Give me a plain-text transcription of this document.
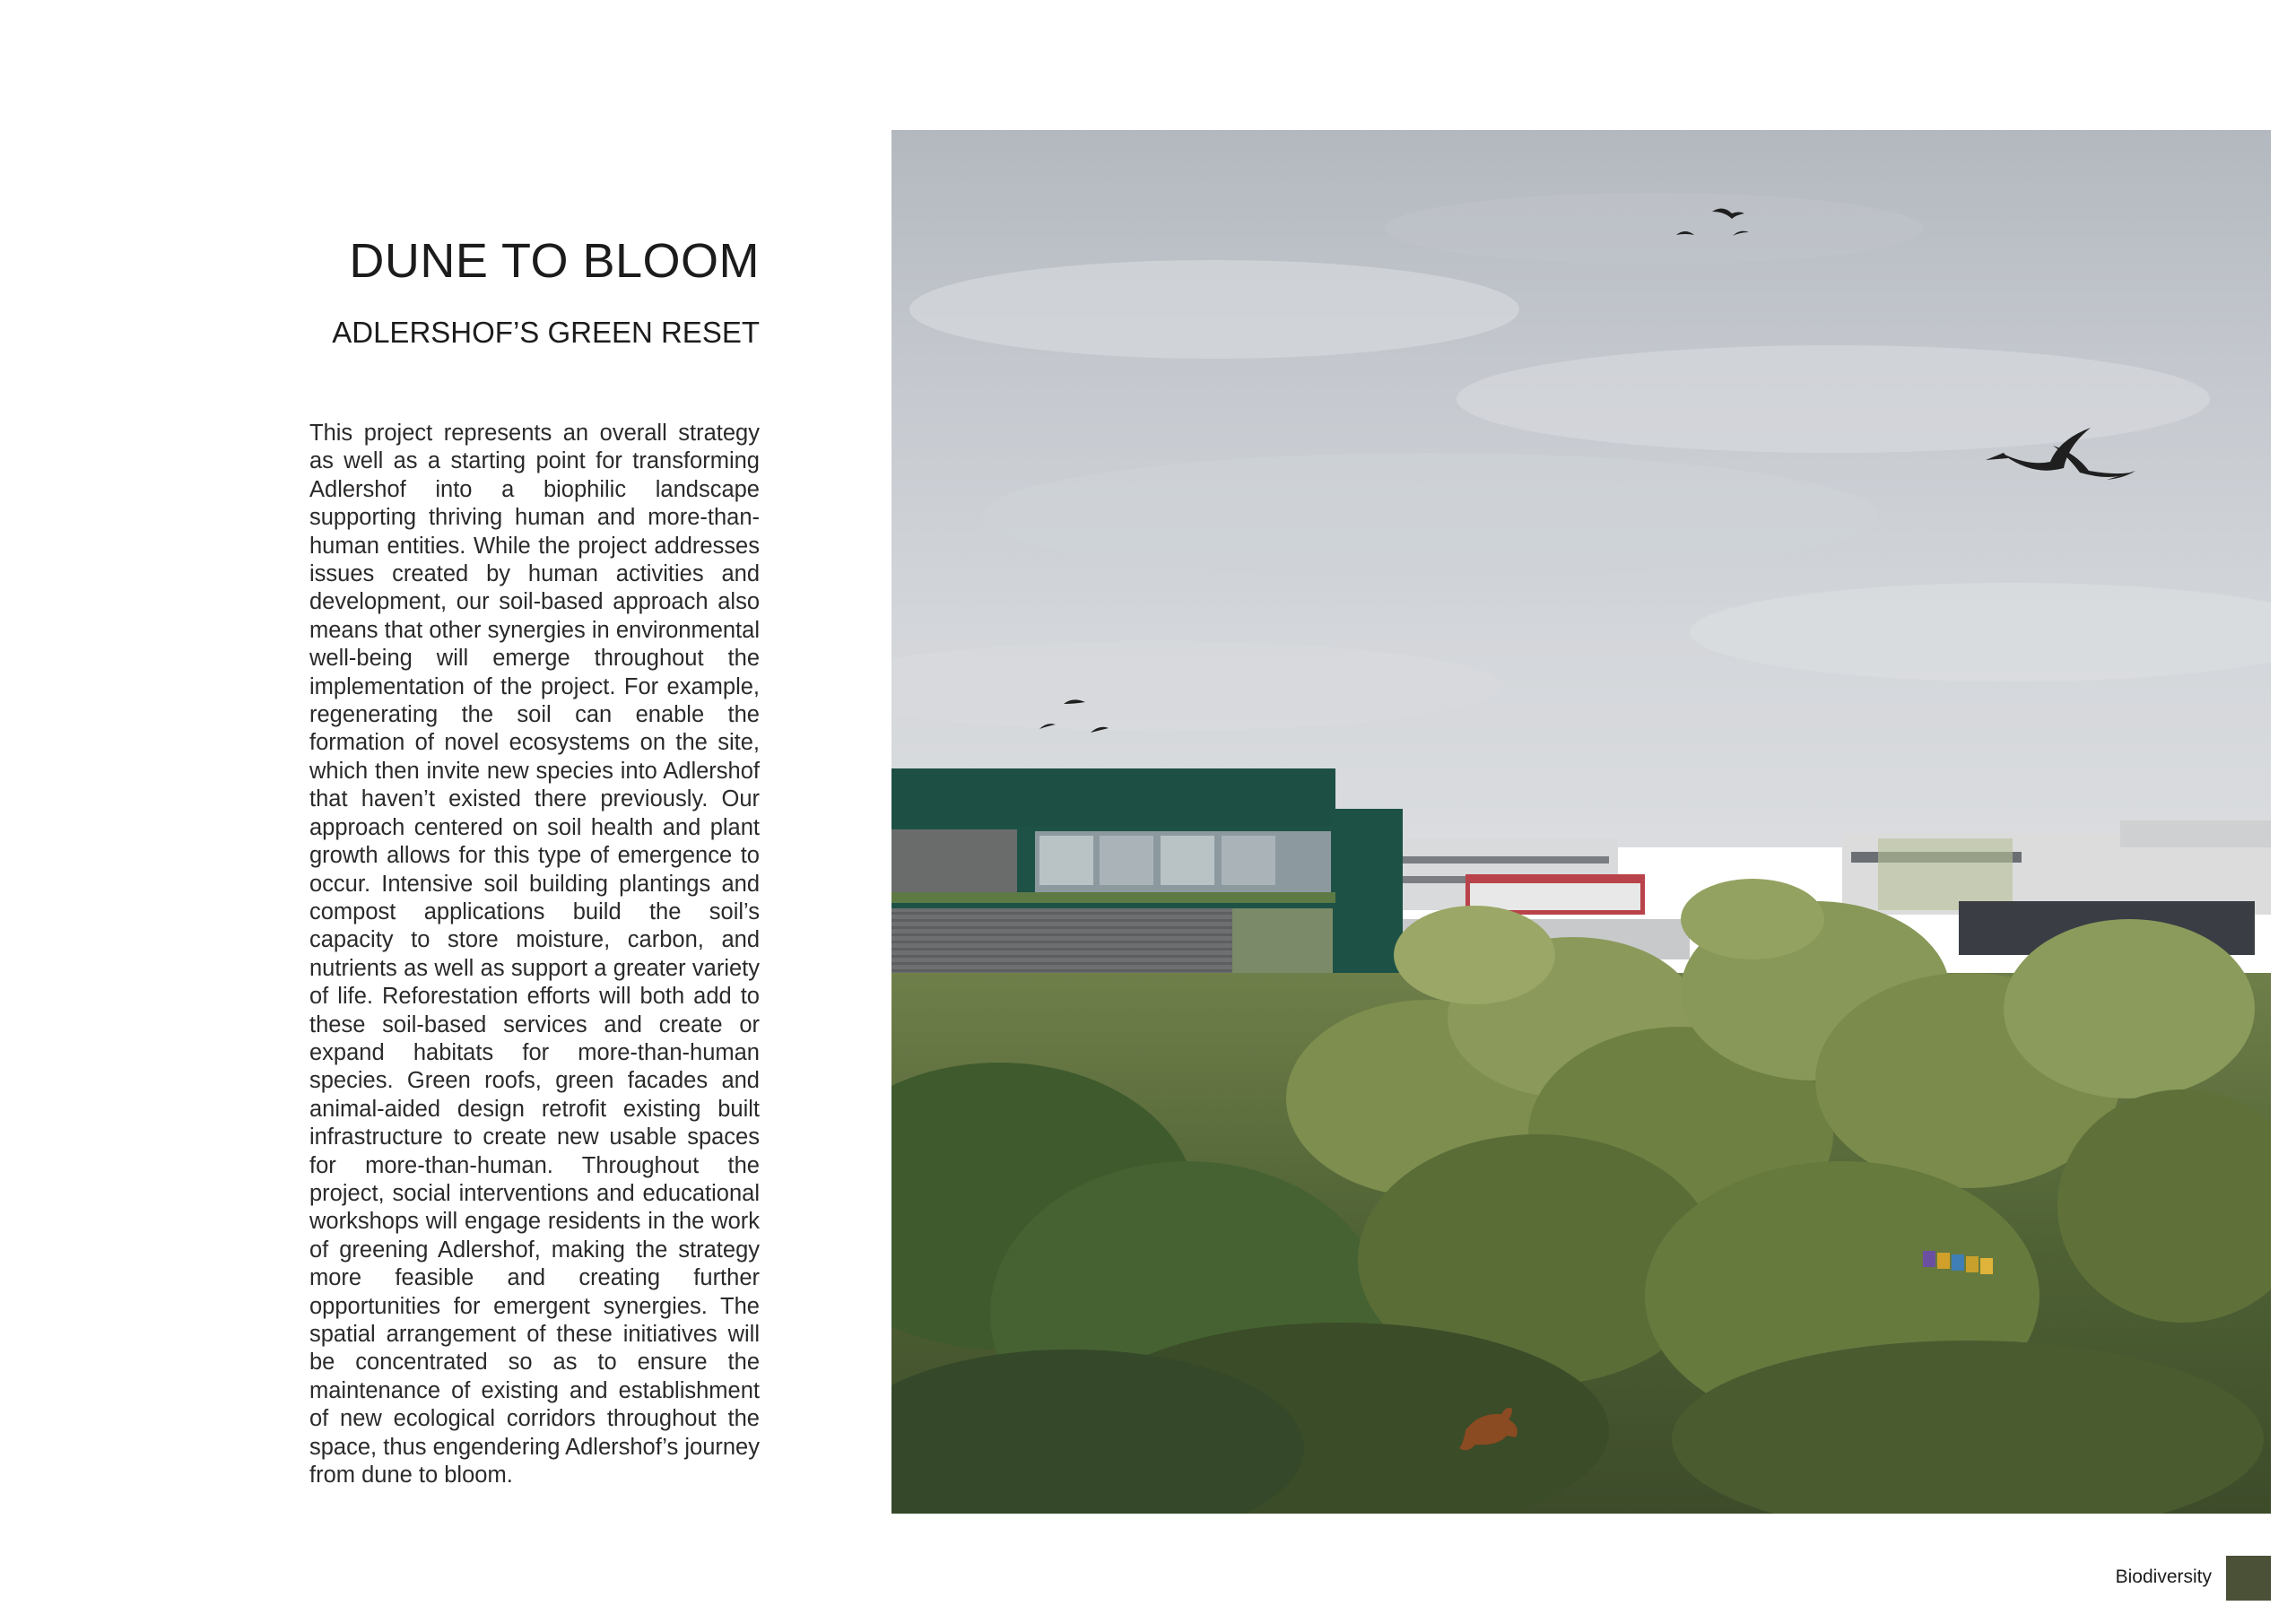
DUNE TO BLOOM
ADLERSHOF’S GREEN RESET

This project represents an overall strategy as well as a starting point for transforming Adlershof into a biophilic landscape supporting thriving human and more-than-human entities. While the project addresses issues created by human activities and development, our soil-based approach also means that other synergies in environmental well-being will emerge throughout the implementation of the project. For example, regenerating the soil can enable the formation of novel ecosystems on the site, which then invite new species into Adlershof that haven’t existed there previously. Our approach centered on soil health and plant growth allows for this type of emergence to occur. Intensive soil building plantings and compost applications build the soil’s capacity to store moisture, carbon, and nutrients as well as support a greater variety of life. Reforestation efforts will both add to these soil-based services and create or expand habitats for more-than-human species. Green roofs, green facades and animal-aided design retrofit existing built infrastructure to create new usable spaces for more-than-human. Throughout the project, social interventions and educational workshops will engage residents in the work of greening Adlershof, making the strategy more feasible and creating further opportunities for emergent synergies. The spatial arrangement of these initiatives will be concentrated so as to ensure the maintenance of existing and establishment of new ecological corridors throughout the space, thus engendering Adlershof’s journey from dune to bloom.

Biodiversity
